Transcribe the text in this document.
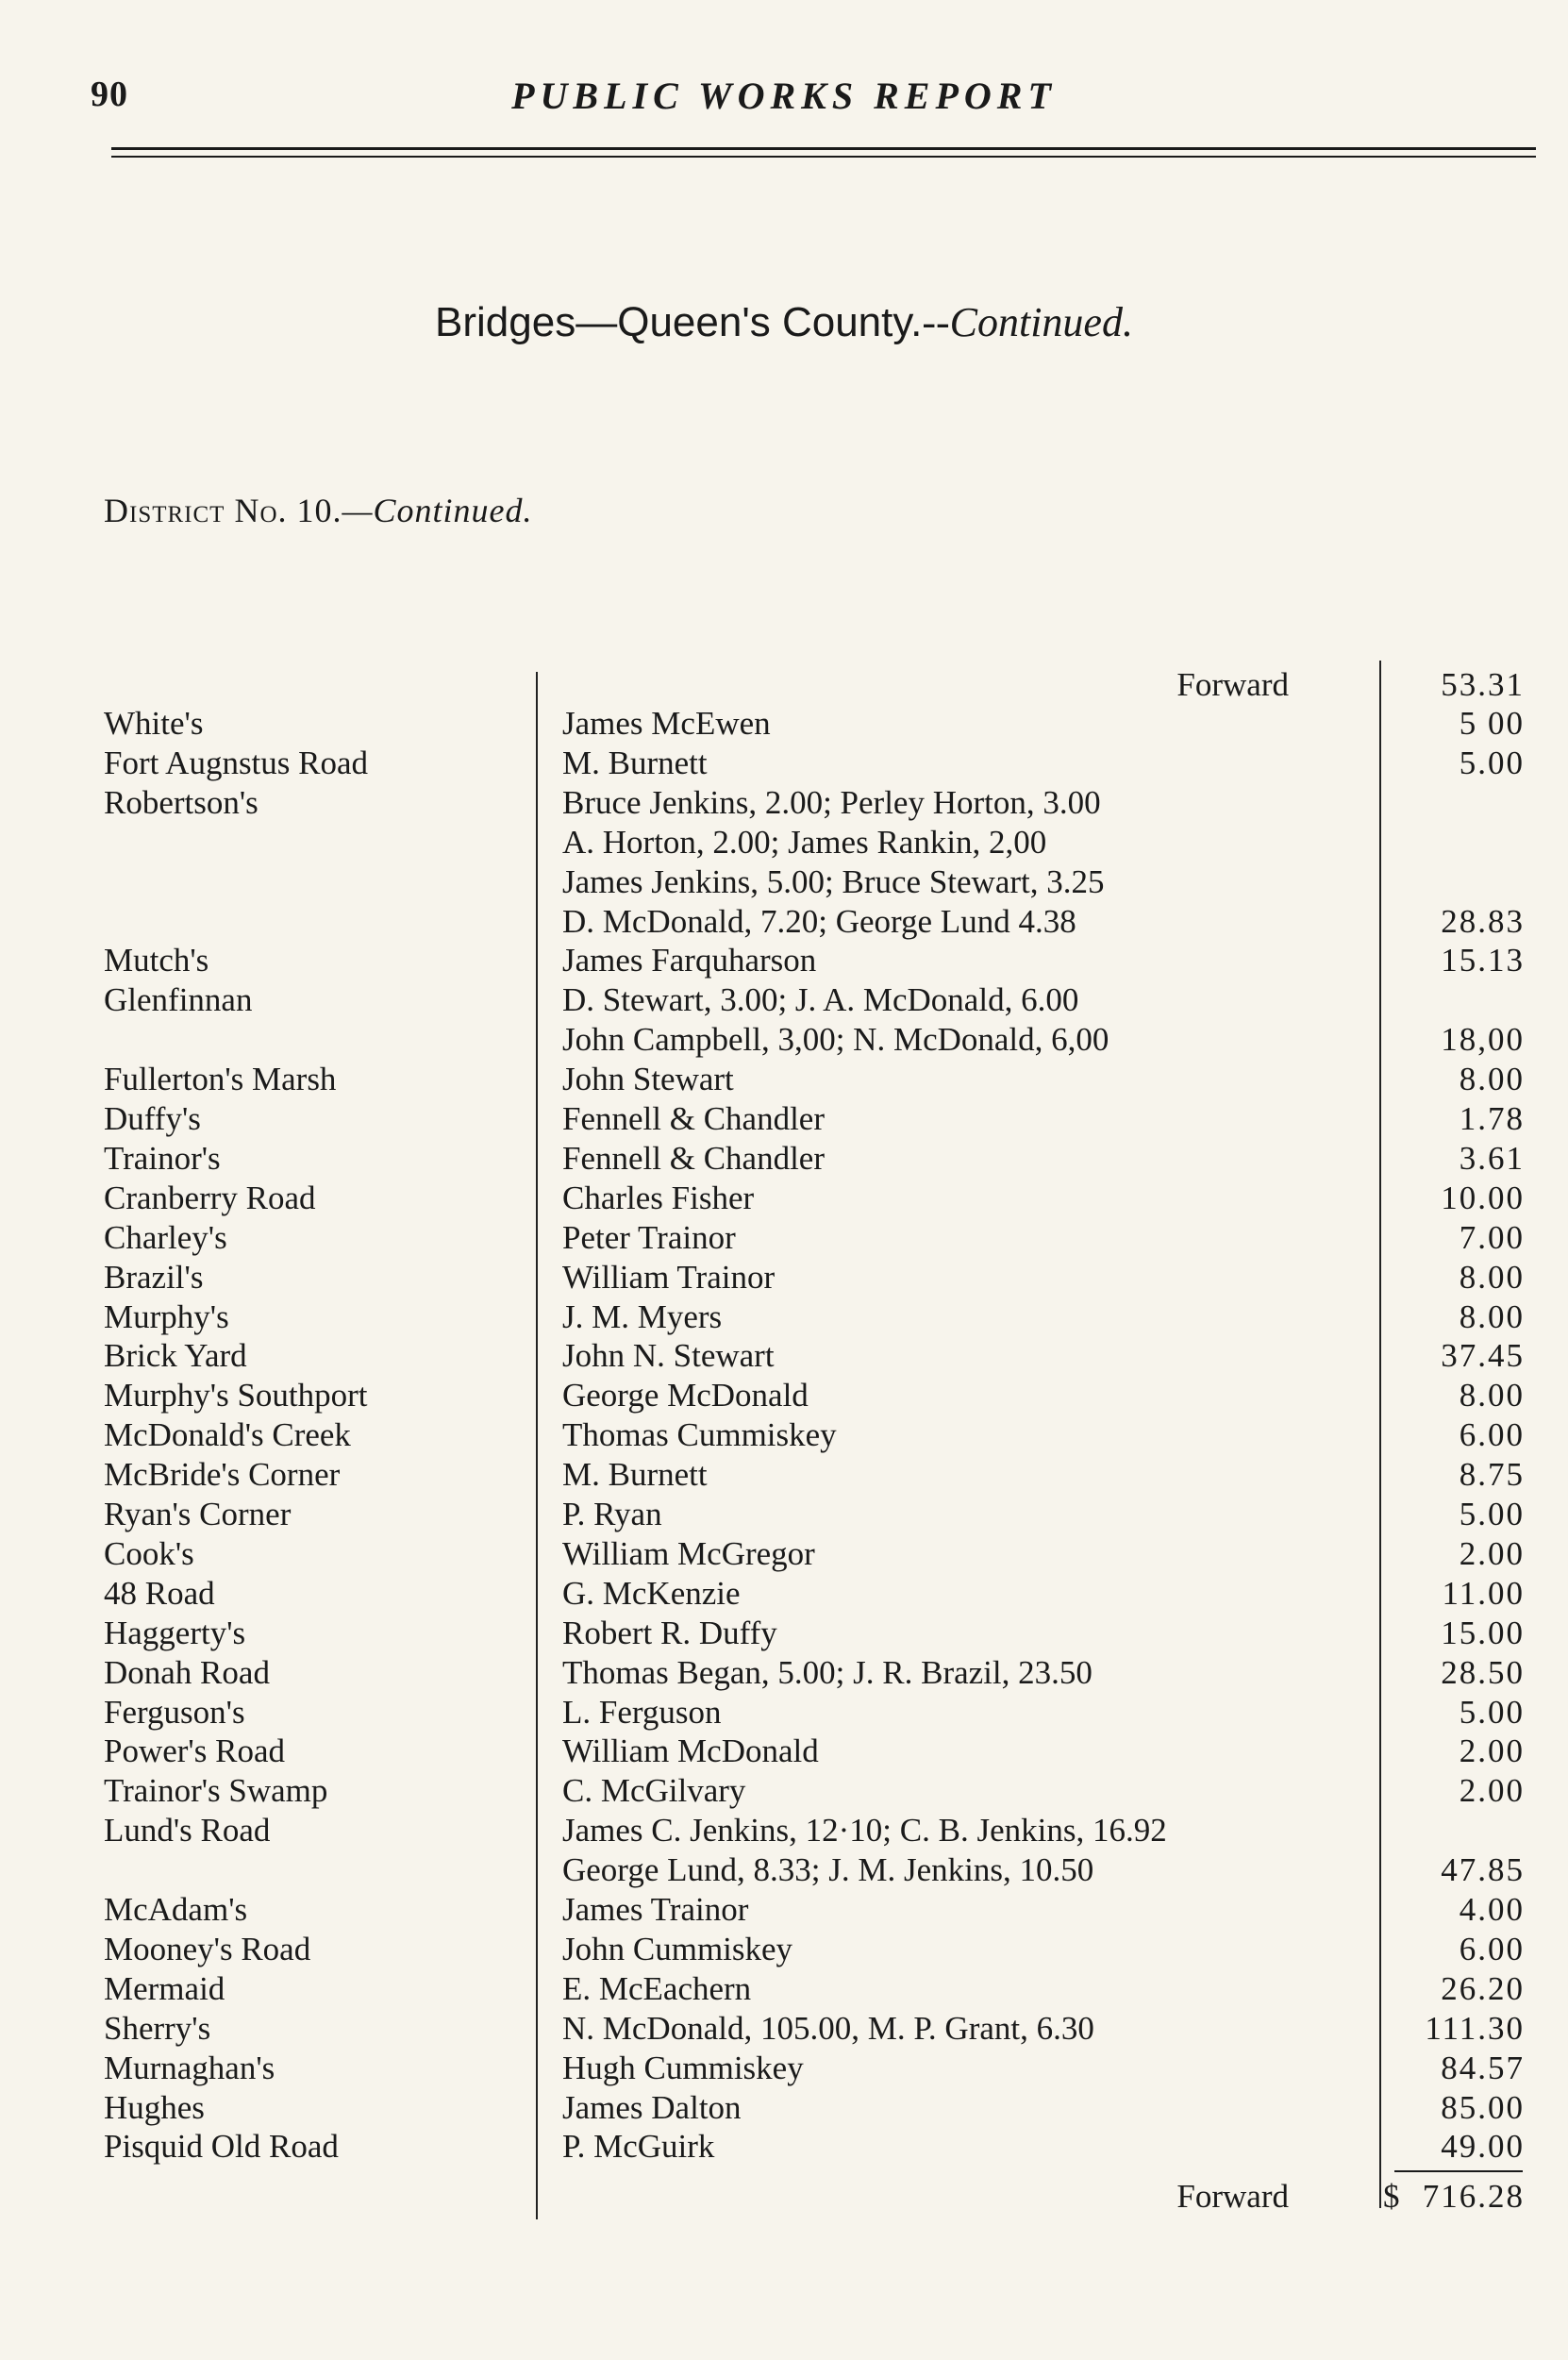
90	PUBLIC WORKS REPORT
Bridges—Queen's County.--Continued.
District No. 10.—Continued.
Forward	53.31
White's	James McEwen	5 00
Fort Augnstus Road	M. Burnett	5.00
Robertson's	Bruce Jenkins, 2.00; Perley Horton, 3.00
A. Horton, 2.00; James Rankin, 2,00
James Jenkins, 5.00; Bruce Stewart, 3.25
D. McDonald, 7.20; George Lund 4.38	28.83
Mutch's	James Farquharson	15.13
Glenfinnan	D. Stewart, 3.00; J. A. McDonald, 6.00
John Campbell, 3,00; N. McDonald, 6,00	18,00
Fullerton's Marsh	John Stewart	8.00
Duffy's	Fennell & Chandler	1.78
Trainor's	Fennell & Chandler	3.61
Cranberry Road	Charles Fisher	10.00
Charley's	Peter Trainor	7.00
Brazil's	William Trainor	8.00
Murphy's	J. M. Myers	8.00
Brick Yard	John N. Stewart	37.45
Murphy's Southport	George McDonald	8.00
McDonald's Creek	Thomas Cummiskey	6.00
McBride's Corner	M. Burnett	8.75
Ryan's Corner	P. Ryan	5.00
Cook's	William McGregor	2.00
48 Road	G. McKenzie	11.00
Haggerty's	Robert R. Duffy	15.00
Donah Road	Thomas Began, 5.00; J. R. Brazil, 23.50	28.50
Ferguson's	L. Ferguson	5.00
Power's Road	William McDonald	2.00
Trainor's Swamp	C. McGilvary	2.00
Lund's Road	James C. Jenkins, 12·10; C. B. Jenkins, 16.92
George Lund, 8.33; J. M. Jenkins, 10.50	47.85
McAdam's	James Trainor	4.00
Mooney's Road	John Cummiskey	6.00
Mermaid	E. McEachern	26.20
Sherry's	N. McDonald, 105.00, M. P. Grant, 6.30	111.30
Murnaghan's	Hugh Cummiskey	84.57
Hughes	James Dalton	85.00
Pisquid Old Road	P. McGuirk	49.00
Forward	$ 716.28
